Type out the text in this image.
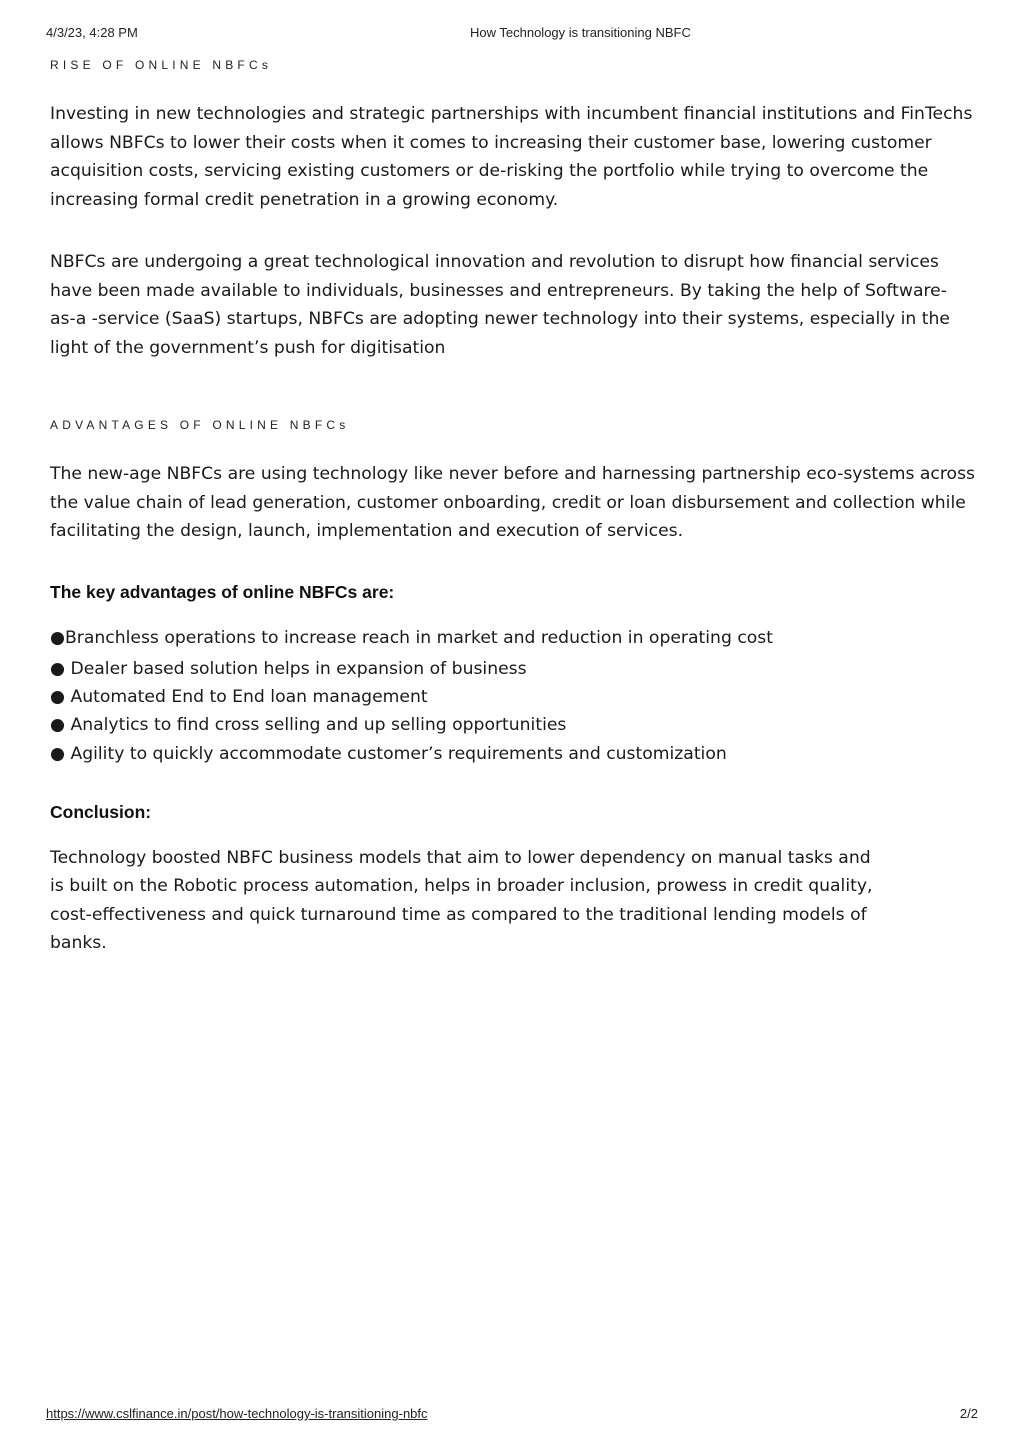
4/3/23, 4:28 PM	How Technology is transitioning NBFC
RISE OF ONLINE NBFCs

Investing in new technologies and strategic partnerships with incumbent financial institutions and FinTechs allows NBFCs to lower their costs when it comes to increasing their customer base, lowering customer acquisition costs, servicing existing customers or de-risking the portfolio while trying to overcome the increasing formal credit penetration in a growing economy.

NBFCs are undergoing a great technological innovation and revolution to disrupt how financial services have been made available to individuals, businesses and entrepreneurs. By taking the help of Software-as-a -service (SaaS) startups, NBFCs are adopting newer technology into their systems, especially in the light of the government’s push for digitisation

ADVANTAGES OF ONLINE NBFCs

The new-age NBFCs are using technology like never before and harnessing partnership eco-systems across the value chain of lead generation, customer onboarding, credit or loan disbursement and collection while facilitating the design, launch, implementation and execution of services.

The key advantages of online NBFCs are:
●Branchless operations to increase reach in market and reduction in operating cost
● Dealer based solution helps in expansion of business
● Automated End to End loan management
● Analytics to find cross selling and up selling opportunities
● Agility to quickly accommodate customer’s requirements and customization
Conclusion:

Technology boosted NBFC business models that aim to lower dependency on manual tasks and is built on the Robotic process automation, helps in broader inclusion, prowess in credit quality, cost-effectiveness and quick turnaround time as compared to the traditional lending models of banks.

https://www.cslfinance.in/post/how-technology-is-transitioning-nbfc	2/2
